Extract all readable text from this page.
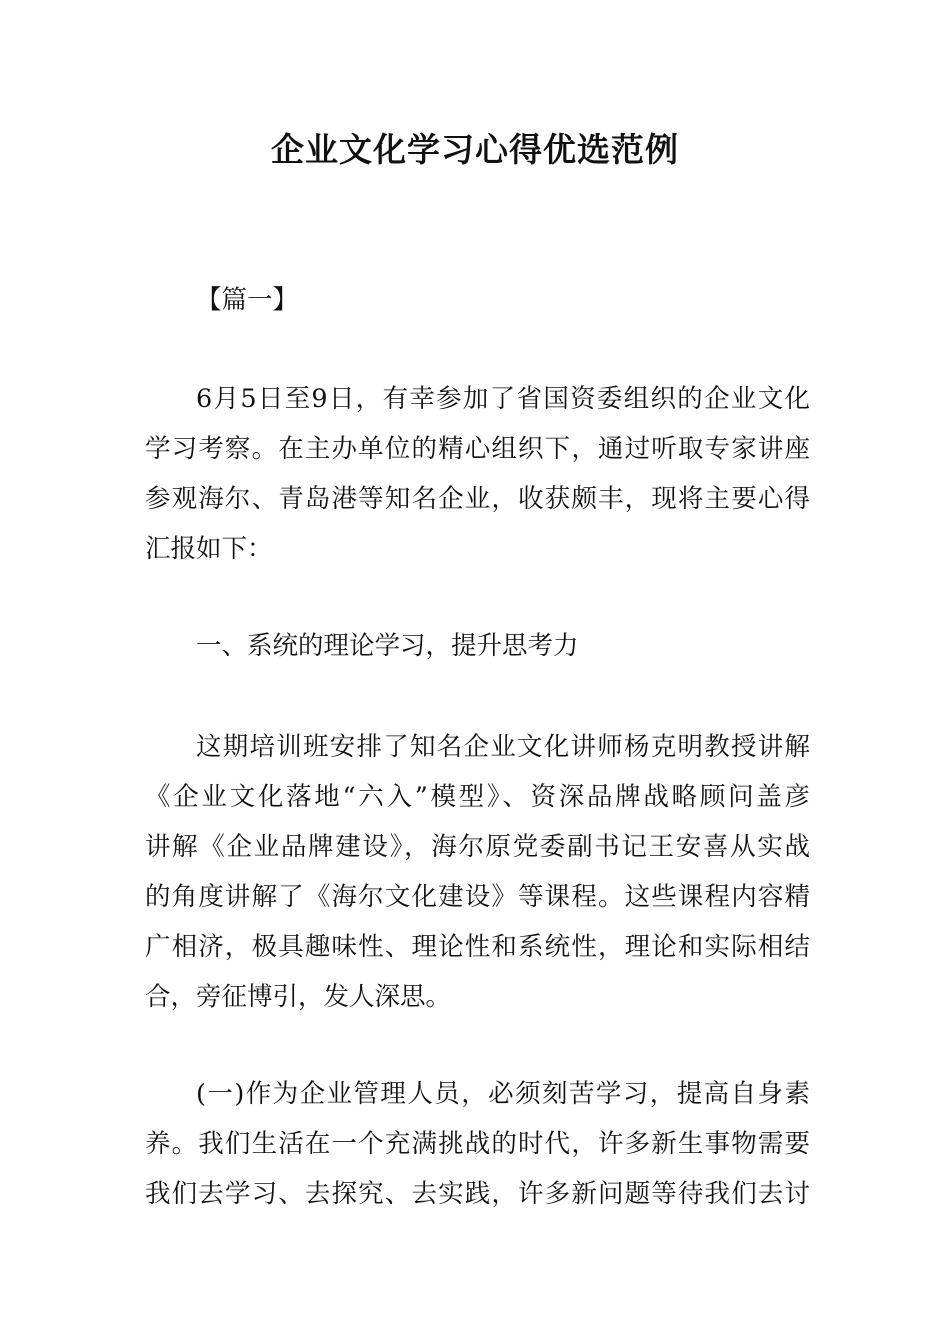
企业文化学习心得优选范例
【篇一】
6月5日至9日，有幸参加了省国资委组织的企业文化
学习考察。在主办单位的精心组织下，通过听取专家讲座
参观海尔、青岛港等知名企业，收获颇丰，现将主要心得
汇报如下：
一、系统的理论学习，提升思考力
这期培训班安排了知名企业文化讲师杨克明教授讲解
《企业文化落地“六入”模型》、资深品牌战略顾问盖彦
讲解《企业品牌建设》，海尔原党委副书记王安喜从实战
的角度讲解了《海尔文化建设》等课程。这些课程内容精
广相济，极具趣味性、理论性和系统性，理论和实际相结
合，旁征博引，发人深思。
(一)作为企业管理人员，必须刻苦学习，提高自身素
养。我们生活在一个充满挑战的时代，许多新生事物需要
我们去学习、去探究、去实践，许多新问题等待我们去讨
